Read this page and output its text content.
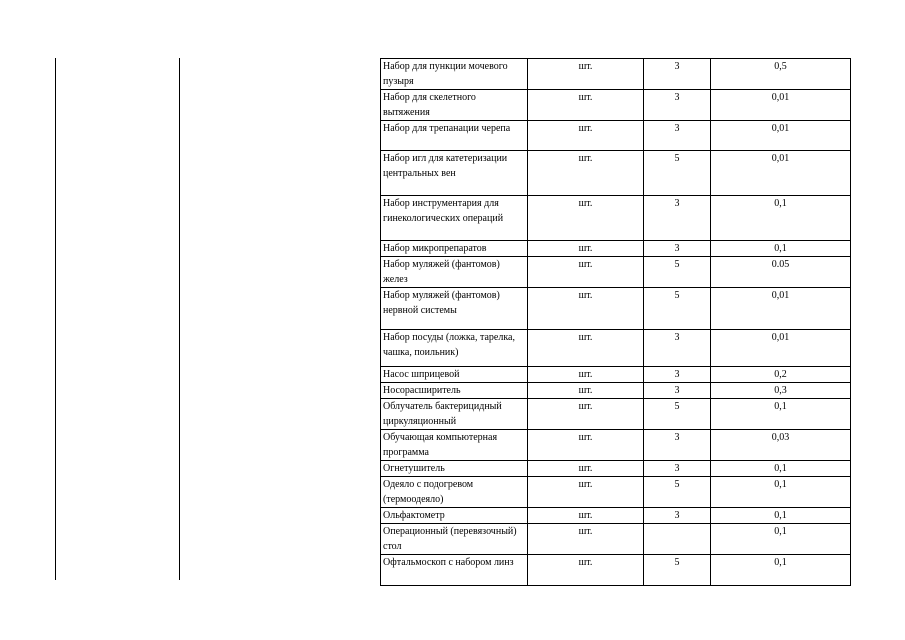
Набор для пункции мочевого пузыря	шт.	3	0,5
Набор для скелетного вытяжения	шт.	3	0,01
Набор для трепанации черепа	шт.	3	0,01
Набор игл для катетеризации центральных вен	шт.	5	0,01
Набор инструментария для гинекологических операций	шт.	3	0,1
Набор микропрепаратов	шт.	3	0,1
Набор муляжей (фантомов) желез	шт.	5	0.05
Набор муляжей (фантомов) нервной системы	шт.	5	0,01
Набор посуды (ложка, тарелка, чашка, поильник)	шт.	3	0,01
Насос шприцевой	шт.	3	0,2
Носорасширитель	шт.	3	0,3
Облучатель бактерицидный циркуляционный	шт.	5	0,1
Обучающая компьютерная программа	шт.	3	0,03
Огнетушитель	шт.	3	0,1
Одеяло с подогревом (термоодеяло)	шт.	5	0,1
Ольфактометр	шт.	3	0,1
Операционный (перевязочный) стол	шт.		0,1
Офтальмоскоп с набором линз	шт.	5	0,1
